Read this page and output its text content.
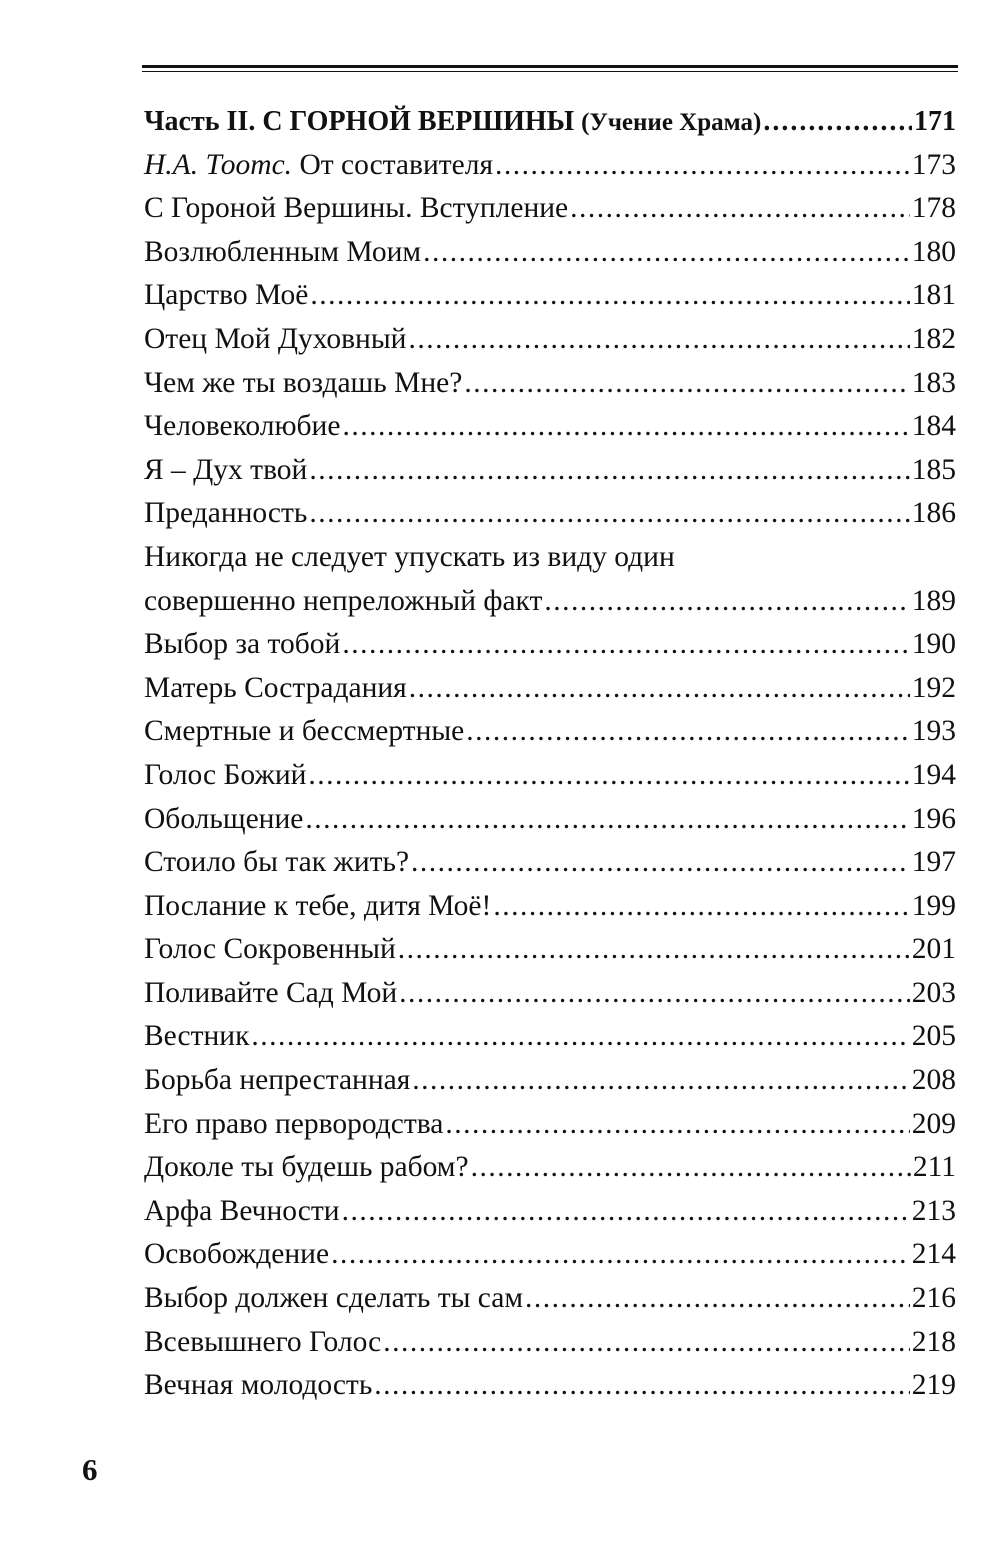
Часть II. С ГОРНОЙ ВЕРШИНЫ (Учение Храма) .....	171
Н.А. Тоотс. От составителя .....	173
С Гороной Вершины. Вступление .....	178
Возлюбленным Моим .....	180
Царство Моё .....	181
Отец Мой Духовный .....	182
Чем же ты воздашь Мне? .....	183
Человеколюбие .....	184
Я – Дух твой .....	185
Преданность .....	186
Никогда не следует упускать из виду один
совершенно непреложный факт .....	189
Выбор за тобой .....	190
Матерь Сострадания .....	192
Смертные и бессмертные .....	193
Голос Божий .....	194
Обольщение .....	196
Стоило бы так жить? .....	197
Послание к тебе, дитя Моё! .....	199
Голос Сокровенный .....	201
Поливайте Сад Мой .....	203
Вестник .....	205
Борьба непрестанная .....	208
Его право первородства .....	209
Доколе ты будешь рабом? .....	211
Арфа Вечности .....	213
Освобождение .....	214
Выбор должен сделать ты сам .....	216
Всевышнего Голос .....	218
Вечная молодость .....	219
6
